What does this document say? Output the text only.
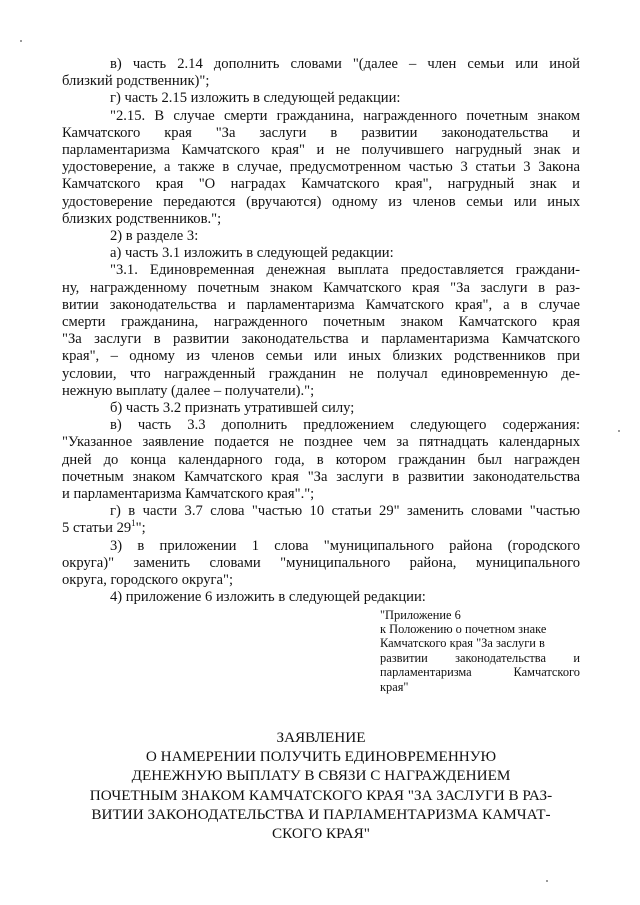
в) часть 2.14 дополнить словами "(далее – член семьи или иной
близкий родственник)";
г) часть 2.15 изложить в следующей редакции:
"2.15. В случае смерти гражданина, награжденного почетным знаком
Камчатского края "За заслуги в развитии законодательства и
парламентаризма Камчатского края" и не получившего нагрудный знак и
удостоверение, а также в случае, предусмотренном частью 3 статьи 3 Закона
Камчатского края "О наградах Камчатского края", нагрудный знак и
удостоверение передаются (вручаются) одному из членов семьи или иных
близких родственников.";
2) в разделе 3:
а) часть 3.1 изложить в следующей редакции:
"3.1. Единовременная денежная выплата предоставляется граждани-
ну, награжденному почетным знаком Камчатского края "За заслуги в раз-
витии законодательства и парламентаризма Камчатского края", а в случае
смерти гражданина, награжденного почетным знаком Камчатского края
"За заслуги в развитии законодательства и парламентаризма Камчатского
края", – одному из членов семьи или иных близких родственников при
условии, что награжденный гражданин не получал единовременную де-
нежную выплату (далее – получатели).";
б) часть 3.2 признать утратившей силу;
в) часть 3.3 дополнить предложением следующего содержания:
"Указанное заявление подается не позднее чем за пятнадцать календарных
дней до конца календарного года, в котором гражданин был награжден
почетным знаком Камчатского края "За заслуги в развитии законодательства
и парламентаризма Камчатского края".";
г) в части 3.7 слова "частью 10 статьи 29" заменить словами "частью
5 статьи $29^1$";
3) в приложении 1 слова "муниципального района (городского
округа)" заменить словами "муниципального района, муниципального
округа, городского округа";
4) приложение 6 изложить в следующей редакции:
"Приложение 6
к Положению о почетном знаке
Камчатского края "За заслуги в
развитии законодательства и
парламентаризма Камчатского
края"
ЗАЯВЛЕНИЕ
О НАМЕРЕНИИ ПОЛУЧИТЬ ЕДИНОВРЕМЕННУЮ
ДЕНЕЖНУЮ ВЫПЛАТУ В СВЯЗИ С НАГРАЖДЕНИЕМ
ПОЧЕТНЫМ ЗНАКОМ КАМЧАТСКОГО КРАЯ "ЗА ЗАСЛУГИ В РАЗ-
ВИТИИ ЗАКОНОДАТЕЛЬСТВА И ПАРЛАМЕНТАРИЗМА КАМЧАТ-
СКОГО КРАЯ"
